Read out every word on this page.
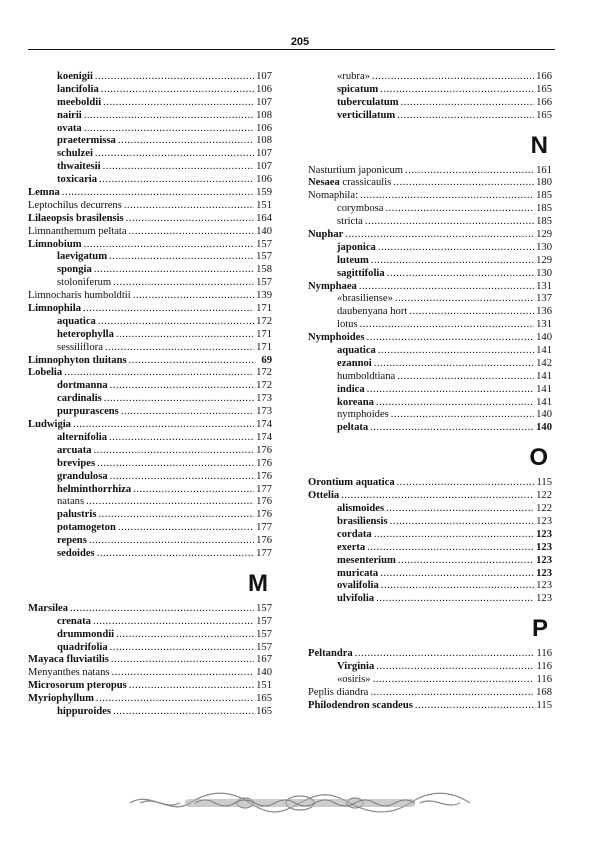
205
koenigii .....	107
lancifolia .....	106
meeboldii .....	107
nairii .....	108
ovata .....	106
praetermissa .....	108
schulzei .....	107
thwaitesii .....	107
toxicaria .....	106
Lemna .....	159
Leptochilus decurrens .....	151
Lilaeopsis brasilensis .....	164
Limnanthemum peltata .....	140
Limnobium .....	157
laevigatum .....	157
spongia .....	158
stoloniferum .....	157
Limnocharis humboldtii .....	139
Limnophila .....	171
aquatica .....	172
heterophylla .....	171
sessiliflora .....	171
Limnophyton tluitans .....	69
Lobelia .....	172
dortmanna .....	172
cardinalis .....	173
purpurascens .....	173
Ludwigia .....	174
alternifolia .....	174
arcuata .....	176
brevipes .....	176
grandulosa .....	176
helminthorrhiza .....	177
natans .....	176
palustris .....	176
potamogeton .....	177
repens .....	176
sedoides .....	177
M
Marsilea .....	157
crenata .....	157
drummondii .....	157
quadrifolia .....	157
Mayaca fluviatilis .....	167
Menyanthes natans .....	140
Microsorum pteropus .....	151
Myriophyllum .....	165
hippuroides .....	165
«rubra» .....	166
spicatum .....	165
tuberculatum .....	166
verticillatum .....	165
N
Nasturtium japonicum .....	161
Nesaea crassicaulis .....	180
Nomaphila: .....	185
corymbosa .....	185
stricta .....	185
Nuphar .....	129
japonica .....	130
luteum .....	129
sagittifolia .....	130
Nymphaea .....	131
«brasiliense» .....	137
daubenyana hort .....	136
lotus .....	131
Nymphoides .....	140
aquatica .....	141
ezannoi .....	142
humboldtiana .....	141
indica .....	141
koreana .....	141
nymphoides .....	140
peltata .....	140
O
Orontium aquatica .....	115
Ottelia .....	122
alismoides .....	122
brasiliensis .....	123
cordata .....	123
exerta .....	123
mesenterium .....	123
muricata .....	123
ovalifolia .....	123
ulvifolia .....	123
P
Peltandra .....	116
Virginia .....	116
«osiris» .....	116
Peplis diandra .....	168
Philodendron scandeus .....	115
